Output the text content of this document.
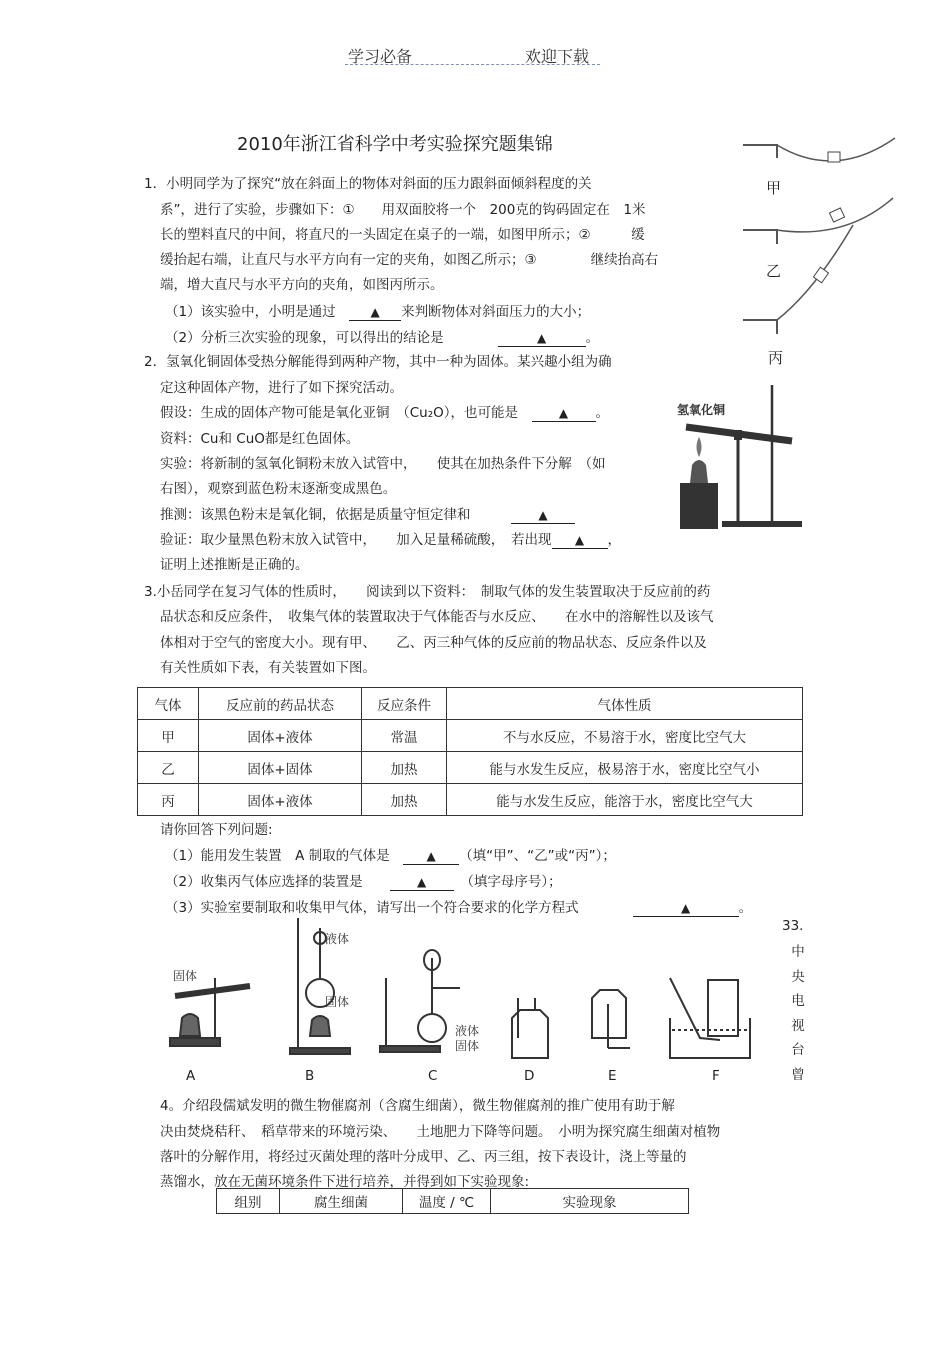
学习必备	欢迎下载
2010年浙江省科学中考实验探究题集锦
1．小明同学为了探究“放在斜面上的物体对斜面的压力跟斜面倾斜程度的关
系”，进行了实验，步骤如下：①　　用双面胶将一个　200克的钩码固定在　1米
长的塑料直尺的中间，将直尺的一头固定在桌子的一端，如图甲所示；②　　　缓
缓抬起右端，让直尺与水平方向有一定的夹角，如图乙所示；③　　　　继续抬高右
端，增大直尺与水平方向的夹角，如图丙所示。
（1）该实验中，小明是通过　	▲ 来判断物体对斜面压力的大小；
（2）分析三次实验的现象，可以得出的结论是　　　　	▲	。
甲
乙
丙
2．氢氧化铜固体受热分解能得到两种产物，其中一种为固体。某兴趣小组为确
定这种固体产物，进行了如下探究活动。
假设：生成的固体产物可能是氧化亚铜　（Cu₂O），也可能是　	▲ 。
资料：Cu和 CuO都是红色固体。
实验：将新制的氢氧化铜粉末放入试管中，　　使其在加热条件下分解　（如
右图），观察到蓝色粉末逐渐变成黑色。
推测：该黑色粉末是氧化铜，依据是质量守恒定律和　　　	▲
验证：取少量黑色粉末放入试管中，　　加入足量稀硫酸，　若出现 ▲ ，
证明上述推断是正确的。
氢氧化铜
3.小岳同学在复习气体的性质时，　　阅读到以下资料：　制取气体的发生装置取决于反应前的药
品状态和反应条件，　收集气体的装置取决于气体能否与水反应、　　在水中的溶解性以及该气
体相对于空气的密度大小。现有甲、　　乙、丙三种气体的反应前的物品状态、反应条件以及
有关性质如下表，有关装置如下图。
气体	反应前的药品状态	反应条件	气体性质
甲	固体+液体	常温	不与水反应，不易溶于水，密度比空气大
乙	固体+固体	加热	能与水发生反应，极易溶于水，密度比空气小
丙	固体+液体	加热	能与水发生反应，能溶于水，密度比空气大
请你回答下列问题:
（1）能用发生装置　A 制取的气体是　	▲ （填“甲”、“乙”或“丙”）；
（2）收集丙气体应选择的装置是　　	▲　	（填字母序号）；
（3）实验室要制取和收集甲气体，请写出一个符合要求的化学方程式　　　　	▲	。
固体
液体
固体
液体
固体
A	B	C	D	E	F
33.
中
央
电
视
台
曾
4。介绍段儒斌发明的微生物催腐剂（含腐生细菌），微生物催腐剂的推广使用有助于解
决由焚烧秸秆、　稻草带来的环境污染、　　土地肥力下降等问题。　小明为探究腐生细菌对植物
落叶的分解作用，将经过灭菌处理的落叶分成甲、乙、丙三组，按下表设计，浇上等量的
蒸馏水，放在无菌环境条件下进行培养，并得到如下实验现象:
组别	腐生细菌	温度 / ℃	实验现象
